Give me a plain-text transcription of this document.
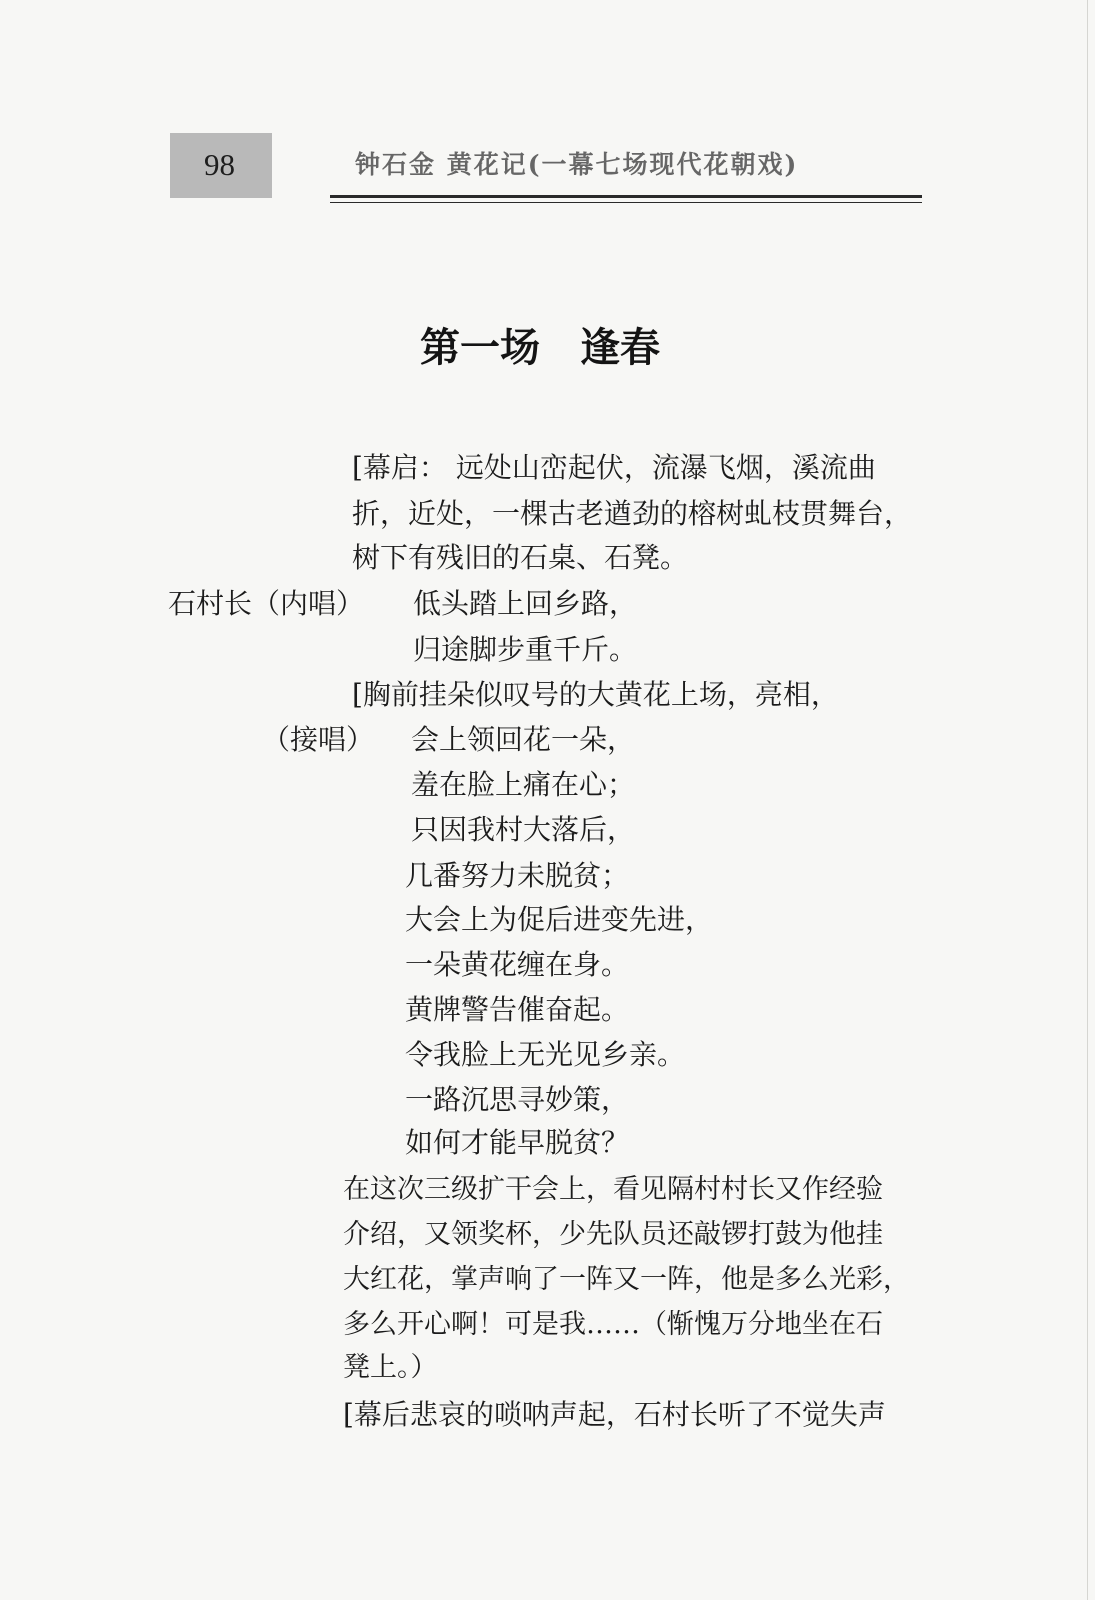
98	钟石金 黄花记(一幕七场现代花朝戏)
第一场　逢春
[幕启： 远处山峦起伏，流瀑飞烟，溪流曲
折，近处，一棵古老遒劲的榕树虬枝贯舞台，
树下有残旧的石桌、石凳。
石村长（内唱） 低头踏上回乡路，
归途脚步重千斤。
[胸前挂朵似叹号的大黄花上场，亮相，
（接唱） 会上领回花一朵，
羞在脸上痛在心；
只因我村大落后，
几番努力未脱贫；
大会上为促后进变先进，
一朵黄花缠在身。
黄牌警告催奋起。
令我脸上无光见乡亲。
一路沉思寻妙策，
如何才能早脱贫？
在这次三级扩干会上，看见隔村村长又作经验
介绍，又领奖杯，少先队员还敲锣打鼓为他挂
大红花，掌声响了一阵又一阵，他是多么光彩，
多么开心啊！可是我……（惭愧万分地坐在石
凳上。）
[幕后悲哀的唢呐声起，石村长听了不觉失声
